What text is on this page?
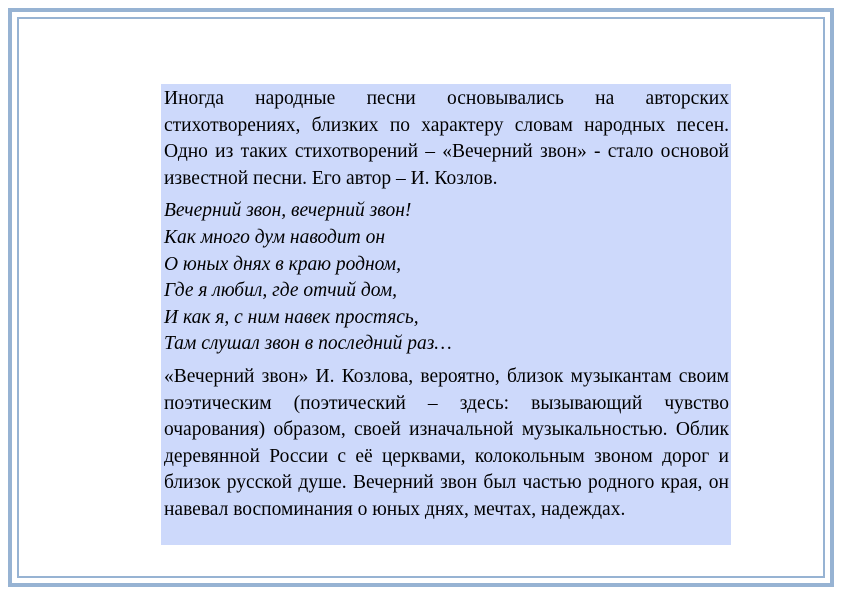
Иногда народные песни основывались на авторских стихотворениях, близких по характеру словам народных песен. Одно из таких стихотворений – «Вечерний звон» - стало основой известной песни. Его автор – И. Козлов.

Вечерний звон, вечерний звон!
Как много дум наводит он
О юных днях в краю родном,
Где я любил, где отчий дом,
И как я, с ним навек простясь,
Там слушал звон в последний раз…

«Вечерний звон» И. Козлова, вероятно, близок музыкантам своим поэтическим (поэтический – здесь: вызывающий чувство очарования) образом, своей изначальной музыкальностью. Облик деревянной России с её церквами, колокольным звоном дорог и близок русской душе. Вечерний звон был частью родного края, он навевал воспоминания о юных днях, мечтах, надеждах.
